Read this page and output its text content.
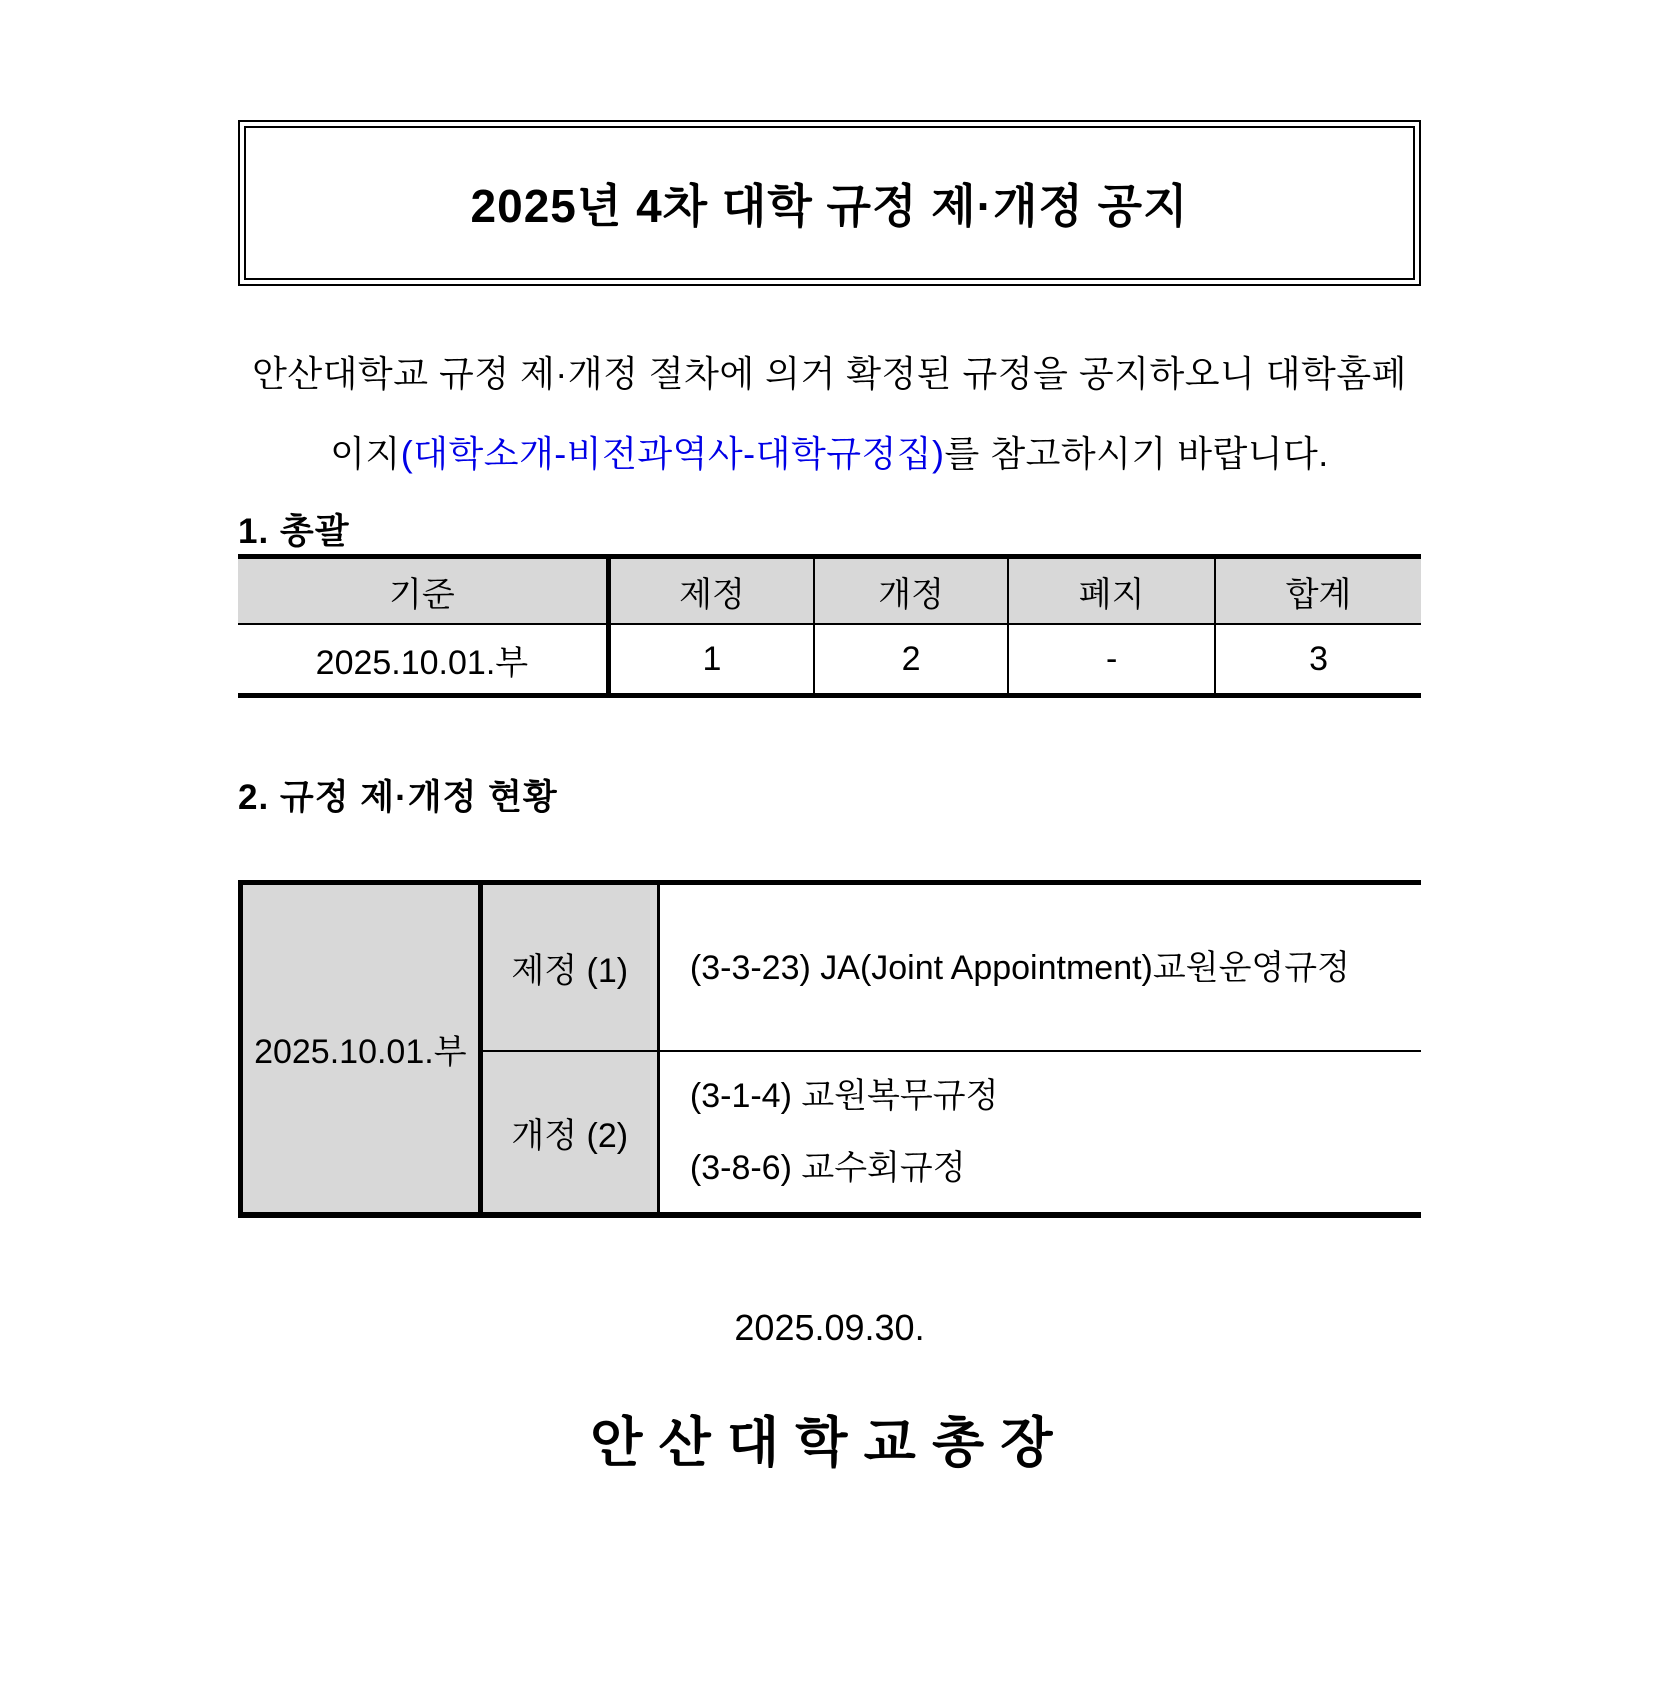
2025년 4차 대학 규정 제·개정 공지

안산대학교 규정 제·개정 절차에 의거 확정된 규정을 공지하오니 대학홈페이지(대학소개-비전과역사-대학규정집)를 참고하시기 바랍니다.

1. 총괄
기준	제정	개정	폐지	합계
2025.10.01.부	1	2	-	3
2. 규정 제·개정 현황
2025.10.01.부	제정 (1)	(3-3-23) JA(Joint Appointment)교원운영규정

	개정 (2)	(3-1-4) 교원복무규정
(3-8-6) 교수회규정
2025.09.30.
안산대학교총장
